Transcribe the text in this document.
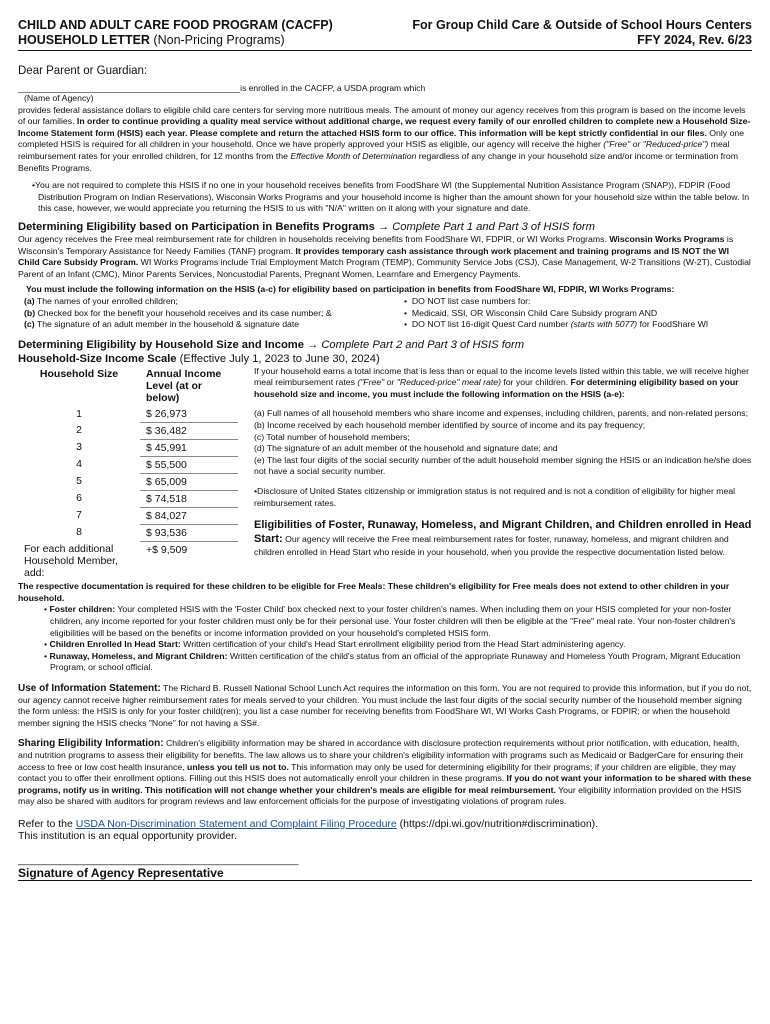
CHILD AND ADULT CARE FOOD PROGRAM (CACFP)
HOUSEHOLD LETTER (Non-Pricing Programs)
For Group Child Care & Outside of School Hours Centers
FFY 2024, Rev. 6/23

Dear Parent or Guardian:

_______________________________________________is enrolled in the CACFP, a USDA program which

(Name of Agency)

provides federal assistance dollars to eligible child care centers for serving more nutritious meals. The amount of money our agency receives from this program is based on the income levels of our families. In order to continue providing a quality meal service without additional charge, we request every family of our enrolled children to complete new a Household Size-Income Statement form (HSIS) each year. Please complete and return the attached HSIS form to our office. This information will be kept strictly confidential in our files. Only one completed HSIS is required for all children in your household. Once we have properly approved your HSIS as eligible, our agency will receive the higher ("Free" or "Reduced-price") meal reimbursement rates for your enrolled children, for 12 months from the Effective Month of Determination regardless of any change in your household size and/or income or termination from Benefits Programs.

•You are not required to complete this HSIS if no one in your household receives benefits from FoodShare WI (the Supplemental Nutrition Assistance Program (SNAP)), FDPIR (Food Distribution Program on Indian Reservations), Wisconsin Works Programs and your household income is higher than the amount shown for your household size within the table below. In this case, however, we would appreciate you returning the HSIS to us with "N/A" written on it along with your signature and date.

Determining Eligibility based on Participation in Benefits Programs → Complete Part 1 and Part 3 of HSIS form

Our agency receives the Free meal reimbursement rate for children in households receiving benefits from FoodShare WI, FDPIR, or WI Works Programs. Wisconsin Works Programs is Wisconsin's Temporary Assistance for Needy Families (TANF) program. It provides temporary cash assistance through work placement and training programs and IS NOT the WI Child Care Subsidy Program. WI Works Programs include Trial Employment Match Program (TEMP), Community Service Jobs (CSJ), Case Management, W-2 Transitions (W-2T), Custodial Parent of an Infant (CMC), Minor Parents Services, Noncustodial Parents, Pregnant Women, Learnfare and Emergency Payments.

You must include the following information on the HSIS (a-c) for eligibility based on participation in benefits from FoodShare WI, FDPIR, WI Works Programs:

(a) The names of your enrolled children;
(b) Checked box for the benefit your household receives and its case number; &
(c) The signature of an adult member in the household & signature date
•  DO NOT list case numbers for:
•  Medicaid, SSI, OR Wisconsin Child Care Subsidy program AND
•  DO NOT list 16-digit Quest Card number (starts with 5077) for FoodShare WI

Determining Eligibility by Household Size and Income → Complete Part 2 and Part 3 of HSIS form

Household-Size Income Scale (Effective July 1, 2023 to June 30, 2024)

Household Size	Annual Income Level (at or below)
1	$ 26,973
2	$ 36,482
3	$ 45,991
4	$ 55,500
5	$ 65,009
6	$ 74,518
7	$ 84,027
8	$ 93,536
For each additional Household Member, add:	+$ 9,509

If your household earns a total income that is less than or equal to the income levels listed within this table, we will receive higher meal reimbursement rates ("Free" or "Reduced-price" meal rate) for your children. For determining eligibility based on your household size and income, you must include the following information on the HSIS (a-e):

(a) Full names of all household members who share income and expenses, including children, parents, and non-related persons;

(b) Income received by each household member identified by source of income and its pay frequency;

(c) Total number of household members;

(d) The signature of an adult member of the household and signature date; and

(e) The last four digits of the social security number of the adult household member signing the HSIS or an indication he/she does not have a social security number.

•Disclosure of United States citizenship or immigration status is not required and is not a condition of eligibility for higher meal reimbursement rates.

Eligibilities of Foster, Runaway, Homeless, and Migrant Children, and Children enrolled in Head Start: Our agency will receive the Free meal reimbursement rates for foster, runaway, homeless, and migrant children and children enrolled in Head Start who reside in your household, when you provide the respective documentation listed below.

The respective documentation is required for these children to be eligible for Free Meals: These children's eligibility for Free meals does not extend to other children in your household.

• Foster children: Your completed HSIS with the 'Foster Child' box checked next to your foster children's names. When including them on your HSIS completed for your non-foster children, any income reported for your foster children must only be for their personal use. Your foster children will then be eligible at the "Free" meal rate. Your non-foster children's eligibilities will be based on the benefits or income information provided on your household's completed HSIS form.

• Children Enrolled In Head Start: Written certification of your child's Head Start enrollment eligibility period from the Head Start administering agency.

• Runaway, Homeless, and Migrant Children: Written certification of the child's status from an official of the appropriate Runaway and Homeless Youth Program, Migrant Education Program, or school official.

Use of Information Statement: The Richard B. Russell National School Lunch Act requires the information on this form. You are not required to provide this information, but if you do not, our agency cannot receive higher reimbursement rates for meals served to your children. You must include the last four digits of the social security number of the household member signing the form unless: the HSIS is only for your foster child(ren); you list a case number for receiving benefits from FoodShare WI, WI Works Cash Programs, or FDPIR; or when the household member signing the HSIS checks "None" for not having a SS#.

Sharing Eligibility Information: Children's eligibility information may be shared in accordance with disclosure protection requirements without prior notification, with education, health, and nutrition programs to assess their eligibility for benefits. The law allows us to share your children's eligibility information with programs such as Medicaid or BadgerCare for ensuring their access to free or low cost health insurance, unless you tell us not to. This information may only be used for determining eligibility for their programs; if your children are eligible, they may contact you to offer their enrollment options. Filling out this HSIS does not automatically enroll your children in these programs. If you do not want your information to be shared with these programs, notify us in writing. This notification will not change whether your children's meals are eligible for meal reimbursement. Your eligibility information provided on the HSIS may also be shared with auditors for program reviews and law enforcement officials for the purpose of investigating violations of program rules.

Refer to the USDA Non-Discrimination Statement and Complaint Filing Procedure (https://dpi.wi.gov/nutrition#discrimination).

This institution is an equal opportunity provider.

________________________________________________

Signature of Agency Representative
